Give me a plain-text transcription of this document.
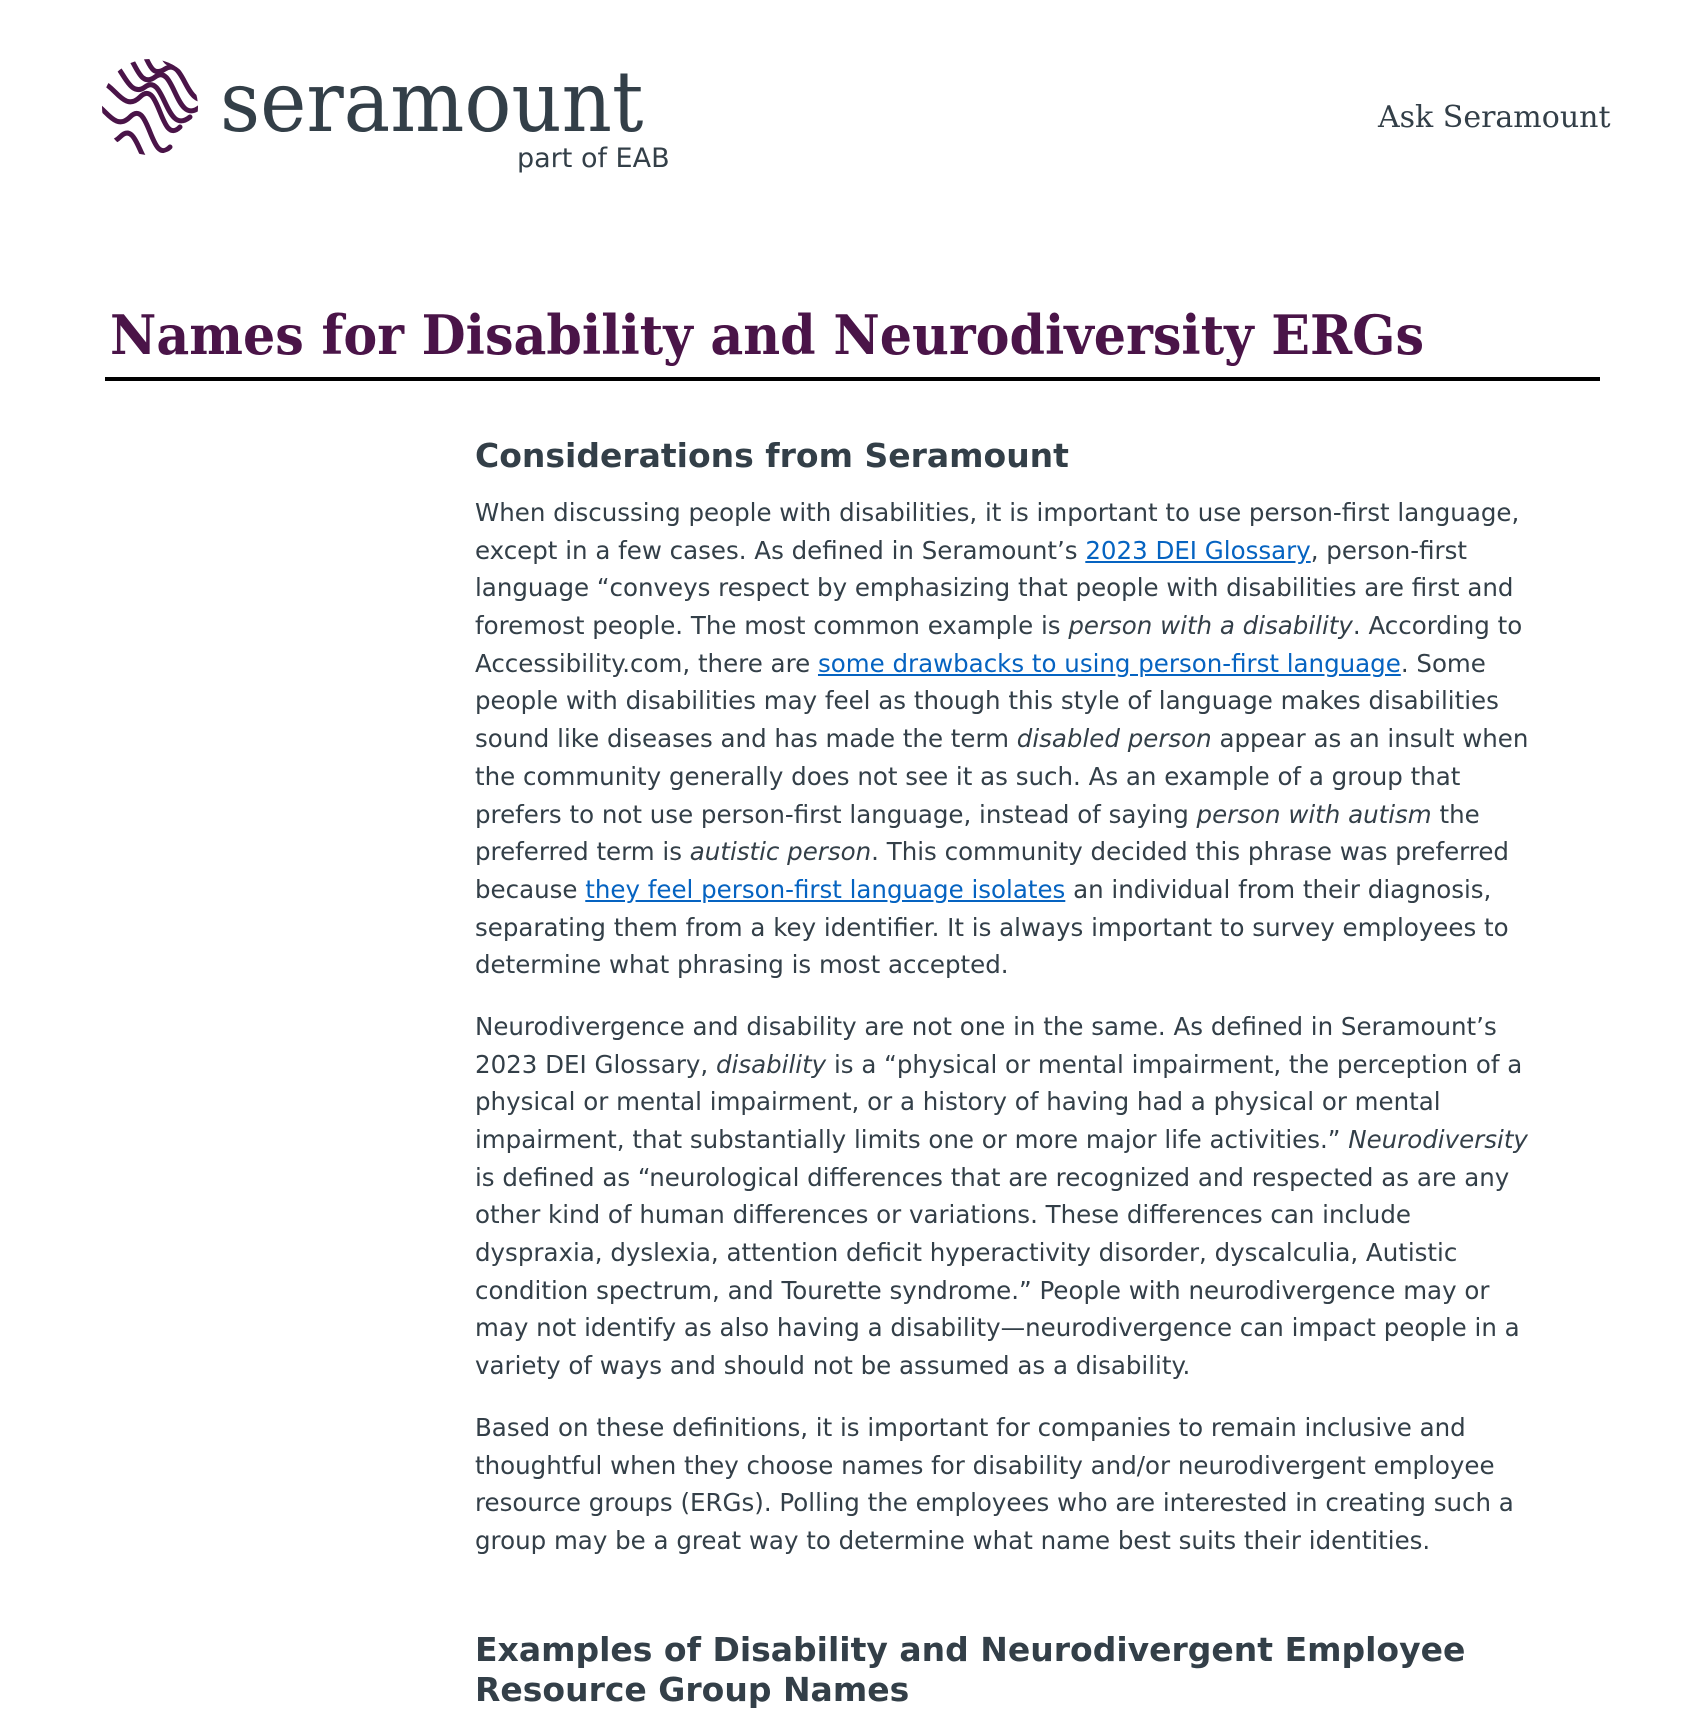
seramount
part of EAB
Ask Seramount
Names for Disability and Neurodiversity ERGs
Considerations from Seramount
When discussing people with disabilities, it is important to use person-first language,
except in a few cases. As defined in Seramount’s 2023 DEI Glossary, person-first
language “conveys respect by emphasizing that people with disabilities are first and
foremost people. The most common example is person with a disability. According to
Accessibility.com, there are some drawbacks to using person-first language. Some
people with disabilities may feel as though this style of language makes disabilities
sound like diseases and has made the term disabled person appear as an insult when
the community generally does not see it as such. As an example of a group that
prefers to not use person-first language, instead of saying person with autism the
preferred term is autistic person. This community decided this phrase was preferred
because they feel person-first language isolates an individual from their diagnosis,
separating them from a key identifier. It is always important to survey employees to
determine what phrasing is most accepted.
Neurodivergence and disability are not one in the same. As defined in Seramount’s
2023 DEI Glossary, disability is a “physical or mental impairment, the perception of a
physical or mental impairment, or a history of having had a physical or mental
impairment, that substantially limits one or more major life activities.” Neurodiversity
is defined as “neurological differences that are recognized and respected as are any
other kind of human differences or variations. These differences can include
dyspraxia, dyslexia, attention deficit hyperactivity disorder, dyscalculia, Autistic
condition spectrum, and Tourette syndrome.” People with neurodivergence may or
may not identify as also having a disability—neurodivergence can impact people in a
variety of ways and should not be assumed as a disability.
Based on these definitions, it is important for companies to remain inclusive and
thoughtful when they choose names for disability and/or neurodivergent employee
resource groups (ERGs). Polling the employees who are interested in creating such a
group may be a great way to determine what name best suits their identities.
Examples of Disability and Neurodivergent Employee
Resource Group Names
